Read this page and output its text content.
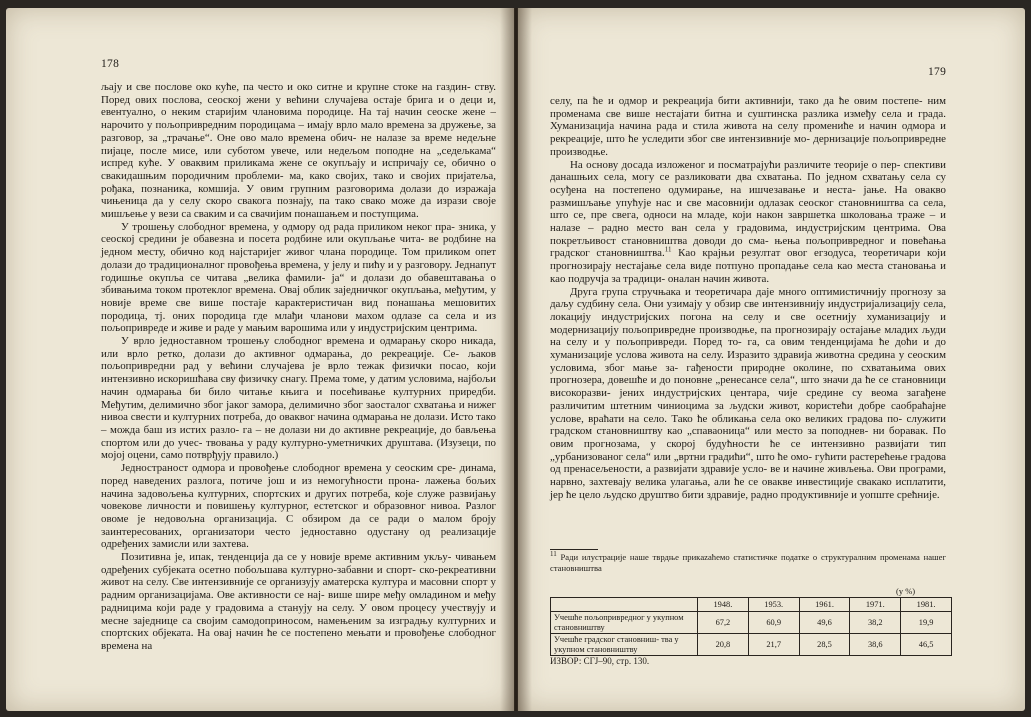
178

љају и све послове око куће, па често и око ситне и крупне стоке на газдин- ству. Поред ових послова, сеоској жени у већини случајева остаје брига и о деци и, евентуално, о неким старијим члановима породице. На тај начин сеоске жене – нарочито у пољопривредним породицама – имају врло мало времена за дружење, за разговор, за „трачање“. Оне ово мало времена обич- не налазе за време недељне пијаце, после мисе, или суботом увече, или недељом поподне на „седељкама“ испред куће. У оваквим приликама жене се окупљају и испричају се, обично о свакидашњим породичним проблеми- ма, како својих, тако и својих пријатеља, рођака, познаника, комшија. У овим групним разговорима долази до изражаја чињеница да у селу скоро свакога познају, па тако свако може да изрази своје мишљење у вези са сваким и са свачијим понашањем и поступцима.

У трошењу слободног времена, у одмору од рада приликом неког пра- зника, у сеоској средини је обавезна и посета родбине или окупљање чита- ве родбине на једном месту, обично код најстаријег живог члана породице. Том приликом опет долази до традиционалног провођења времена, у јелу и пићу и у разговору. Једнапут годишње окупља се читава „велика фамили- ја“ и долази до обавештавања о збивањима током протеклог времена. Овај облик заједничког окупљања, међутим, у новије време све више постаје карактеристичан вид понашања мешовитих породица, тј. оних породица где млађи чланови махом одлазе са села и из пољопривреде и живе и раде у мањим варошима или у индустријским центрима.

У врло једноставном трошењу слободног времена и одмарању скоро никада, или врло ретко, долази до активног одмарања, до рекреације. Се- љаков пољопривредни рад у већини случајева је врло тежак физички посао, који интензивно искоришћава сву физичку снагу. Према томе, у датим условима, најбољи начин одмарања би било читање књига и посећивање културних приредби. Међутим, делимично због јаког замора, делимично због заосталог схватања и нижег нивоа свести и културних потреба, до оваквог начина одмарања не долази. Исто тако – можда баш из истих разло- га – не долази ни до активне рекреације, до бављења спортом или до учес- твовања у раду културно-уметничких друштава. (Изузеци, по мојој оцени, само потврђују правило.)

Једностраност одмора и провођење слободног времена у сеоским сре- динама, поред наведених разлога, потиче још и из немогућности прона- лажења бољих начина задовољења културних, спортских и других потреба, које служе развијању човекове личности и повишењу културног, естетског и образовног нивоа. Разлог овоме је недовољна организација. С обзиром да се ради о малом броју заинтересованих, организатори често једноставно одустану од реализације одређених замисли или захтева.

Позитивна је, ипак, тенденција да се у новије време активним укљу- чивањем одређених субјеката осетно побољшава културно-забавни и спорт- ско-рекреативни живот на селу. Све интензивније се организују аматерска култура и масовни спорт у радним организацијама. Ове активности се нај- више шире међу омладином и међу радницима који раде у градовима а станују на селу. У овом процесу учествују и месне заједнице са својим самодоприносом, намењеним за изградњу културних и спортских објеката. На овај начин ће се постепено мењати и провођење слободног времена на

179

селу, па ће и одмор и рекреација бити активнији, тако да ће овим постепе- ним променама све више нестајати битна и суштинска разлика између села и града. Хуманизација начина рада и стила живота на селу промениће и начин одмора и рекреације, што ће уследити због све интензивније мо- дернизације пољопривредне производње.

На основу досада изложеног и посматрајући различите теорије о пер- спективи данашњих села, могу се разликовати два схватања. По једном схватању села су осуђена на постепено одумирање, на ишчезавање и неста- јање. На овакво размишљање упућује нас и све масовнији одлазак сеоског становништва са села, што се, пре свега, односи на младе, који након завршетка школовања траже – и налазе – радно место ван села у градовима, индустријским центрима. Ова покретљивост становништва доводи до сма- њења пољопривредног и повећања градског становништва.$^{11}$ Кao крајњи резултат овог егзодуса, теоретичари који прогнозирају нестајање села виде потпуно пропадање села као места становања и као подручја за традици- оналан начин живота.

Друга група стручњака и теоретичара даје много оптимистичнију прогнозу за даљу судбину села. Они узимају у обзир све интензивнију индустријализацију села, локацију индустријских погона на селу и све осетнију хуманизацију и модернизацију пољопривредне производње, па прогнозирају остајање младих људи на селу и у пољопривреди. Поред то- га, са овим тенденцијама ће доћи и до хуманизације услова живота на селу. Изразито здравија животна средина у сеоским условима, због мање за- гађености природне околине, по схватањима ових прогнозера, довешће и до поновне „ренесансе села“, што значи да ће се становници високоразви- јених индустријских центара, чије средине су веома загађене различитим штетним чиниоцима за људски живот, користећи добре саобраћајне услове, враћати на село. Тако ће обликања села око великих градова по- служити градском становништву као „спаваоница“ или место за поподнев- ни боравак. По овим прогнозама, у скорој будућности ће се интензивно развијати тип „урбанизованог села“ или „вртни градићи“, што ће омо- гућити растерећење градова од пренасељености, а развијати здравије усло- ве и начине живљења. Ови програми, нарвно, захтевају велика улагања, али ће се овакве инвестиције свакако исплатити, јер ће цело људско друштво бити здравије, радно продуктивније и уопште срећније.

$^{11}$ Ради илустрације наше тврдње прикazaћемо статистичке податке о структуралним променама нашег становништва
(у %)
	1948.	1953.	1961.	1971.	1981.
Учешће пољопривредног у укупном становништву	67,2	60,9	49,6	38,2	19,9
Учешће градског становниш- тва у укупном становништву	20,8	21,7	28,5	38,6	46,5
ИЗВОР: СГЈ–90, стр. 130.
